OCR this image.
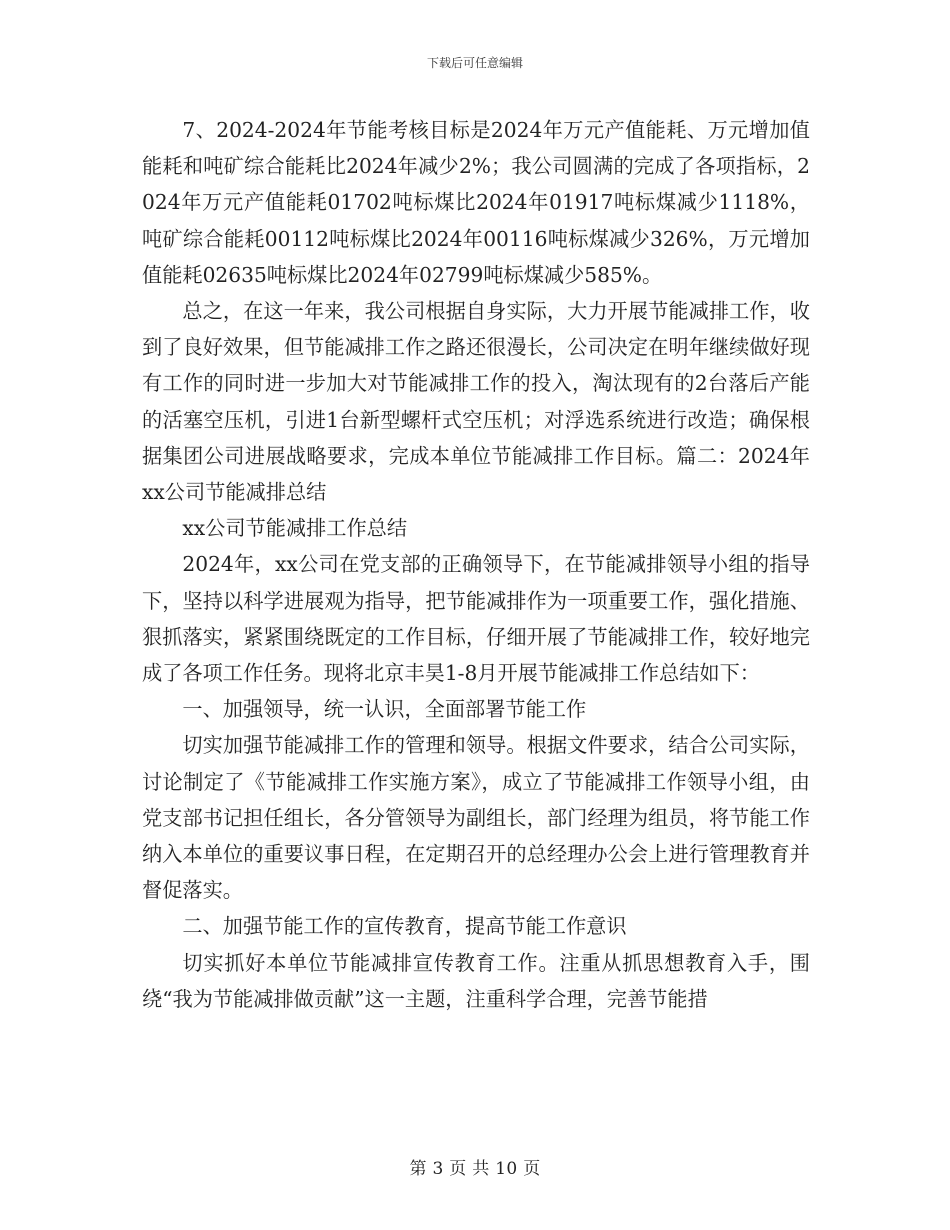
下载后可任意编辑

7、2024-2024年节能考核目标是2024年万元产值能耗、万元增加值能耗和吨矿综合能耗比2024年减少2%；我公司圆满的完成了各项指标，2024年万元产值能耗01702吨标煤比2024年01917吨标煤减少1118%，吨矿综合能耗00112吨标煤比2024年00116吨标煤减少326%，万元增加值能耗02635吨标煤比2024年02799吨标煤减少585%。

总之，在这一年来，我公司根据自身实际，大力开展节能减排工作，收到了良好效果，但节能减排工作之路还很漫长，公司决定在明年继续做好现有工作的同时进一步加大对节能减排工作的投入，淘汰现有的2台落后产能的活塞空压机，引进1台新型螺杆式空压机；对浮选系统进行改造；确保根据集团公司进展战略要求，完成本单位节能减排工作目标。篇二：2024年xx公司节能减排总结

xx公司节能减排工作总结

2024年，xx公司在党支部的正确领导下，在节能减排领导小组的指导下，坚持以科学进展观为指导，把节能减排作为一项重要工作，强化措施、狠抓落实，紧紧围绕既定的工作目标，仔细开展了节能减排工作，较好地完成了各项工作任务。现将北京丰昊1-8月开展节能减排工作总结如下：

一、加强领导，统一认识，全面部署节能工作

切实加强节能减排工作的管理和领导。根据文件要求，结合公司实际，讨论制定了《节能减排工作实施方案》，成立了节能减排工作领导小组，由党支部书记担任组长，各分管领导为副组长，部门经理为组员，将节能工作纳入本单位的重要议事日程，在定期召开的总经理办公会上进行管理教育并督促落实。

二、加强节能工作的宣传教育，提高节能工作意识

切实抓好本单位节能减排宣传教育工作。注重从抓思想教育入手，围绕“我为节能减排做贡献”这一主题，注重科学合理，完善节能措

第 3 页 共 10 页
